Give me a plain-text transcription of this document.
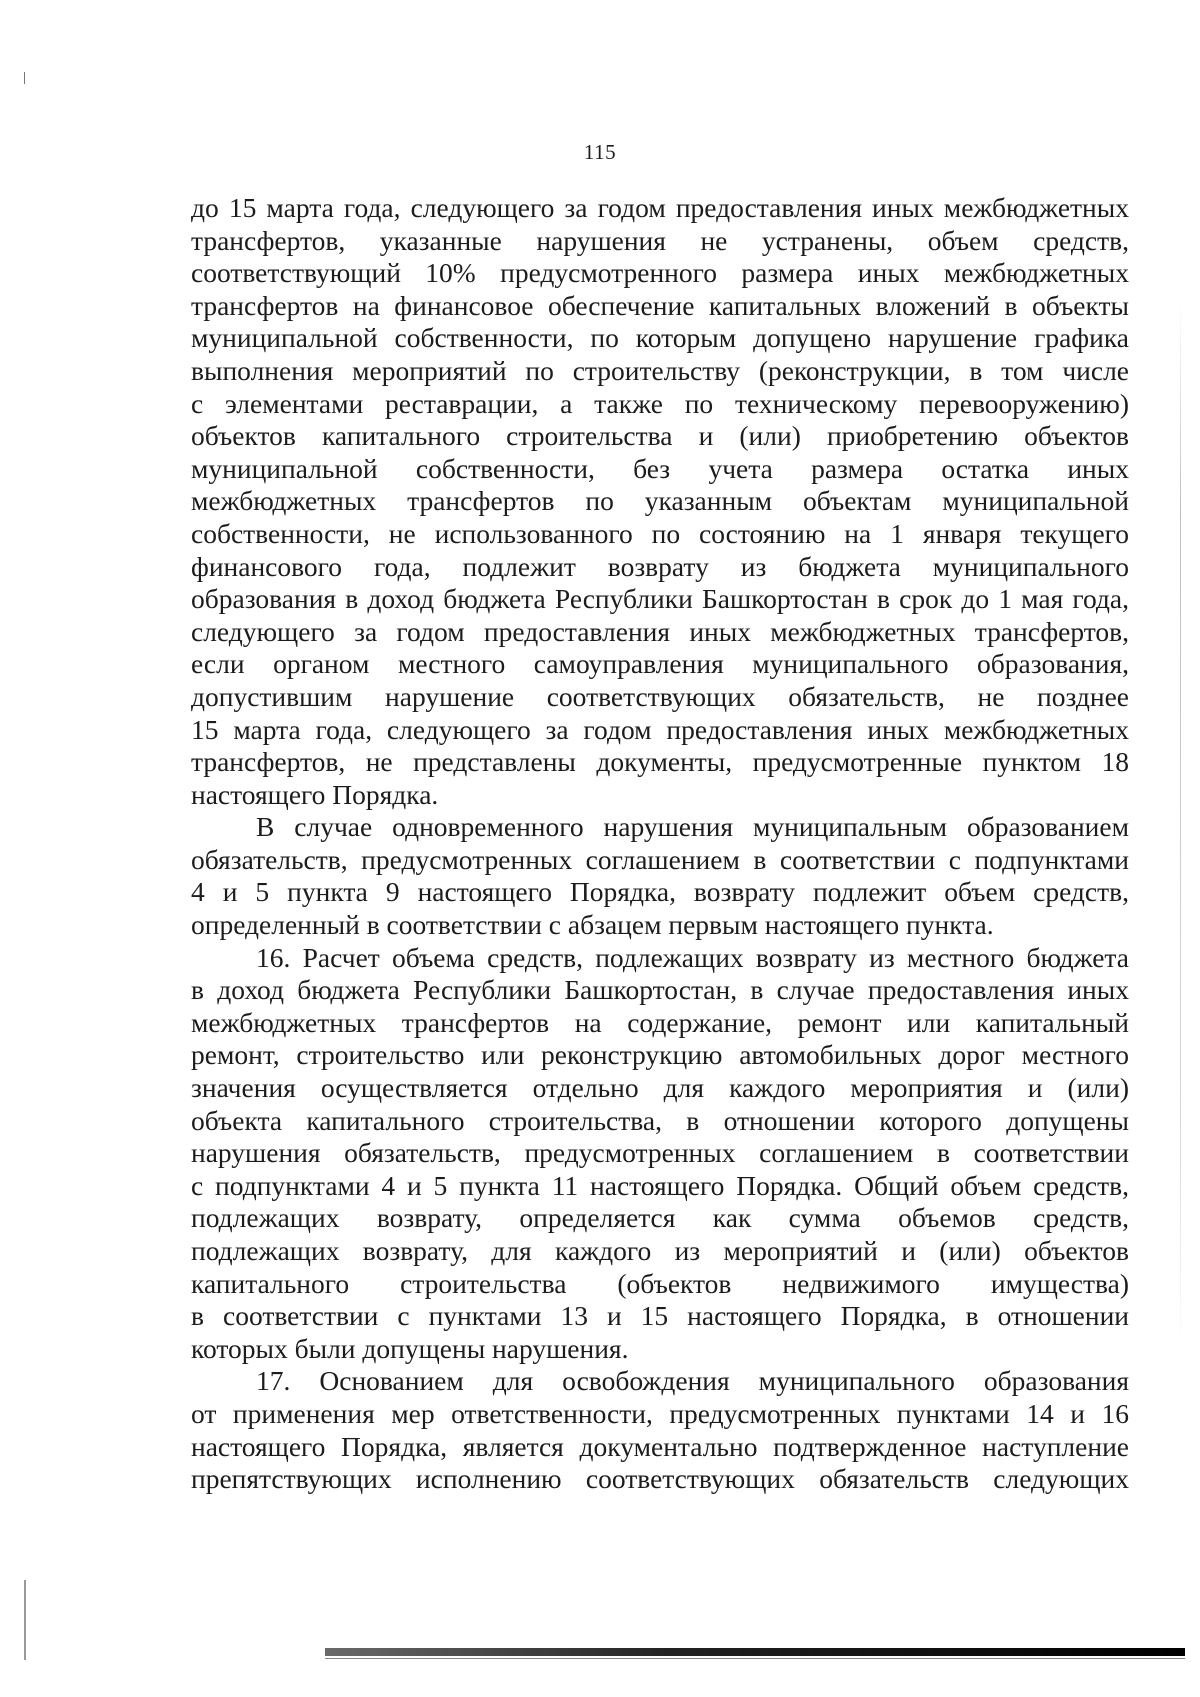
115
до 15 марта года, следующего за годом предоставления иных межбюджетных
трансфертов, указанные нарушения не устранены, объем средств,
соответствующий 10% предусмотренного размера иных межбюджетных
трансфертов на финансовое обеспечение капитальных вложений в объекты
муниципальной собственности, по которым допущено нарушение графика
выполнения мероприятий по строительству (реконструкции, в том числе
с элементами реставрации, а также по техническому перевооружению)
объектов капитального строительства и (или) приобретению объектов
муниципальной собственности, без учета размера остатка иных
межбюджетных трансфертов по указанным объектам муниципальной
собственности, не использованного по состоянию на 1 января текущего
финансового года, подлежит возврату из бюджета муниципального
образования в доход бюджета Республики Башкортостан в срок до 1 мая года,
следующего за годом предоставления иных межбюджетных трансфертов,
если органом местного самоуправления муниципального образования,
допустившим нарушение соответствующих обязательств, не позднее
15 марта года, следующего за годом предоставления иных межбюджетных
трансфертов, не представлены документы, предусмотренные пунктом 18
настоящего Порядка.
В случае одновременного нарушения муниципальным образованием
обязательств, предусмотренных соглашением в соответствии с подпунктами
4 и 5 пункта 9 настоящего Порядка, возврату подлежит объем средств,
определенный в соответствии с абзацем первым настоящего пункта.
16. Расчет объема средств, подлежащих возврату из местного бюджета
в доход бюджета Республики Башкортостан, в случае предоставления иных
межбюджетных трансфертов на содержание, ремонт или капитальный
ремонт, строительство или реконструкцию автомобильных дорог местного
значения осуществляется отдельно для каждого мероприятия и (или)
объекта капитального строительства, в отношении которого допущены
нарушения обязательств, предусмотренных соглашением в соответствии
с подпунктами 4 и 5 пункта 11 настоящего Порядка. Общий объем средств,
подлежащих возврату, определяется как сумма объемов средств,
подлежащих возврату, для каждого из мероприятий и (или) объектов
капитального строительства (объектов недвижимого имущества)
в соответствии с пунктами 13 и 15 настоящего Порядка, в отношении
которых были допущены нарушения.
17. Основанием для освобождения муниципального образования
от применения мер ответственности, предусмотренных пунктами 14 и 16
настоящего Порядка, является документально подтвержденное наступление
препятствующих исполнению соответствующих обязательств следующих
